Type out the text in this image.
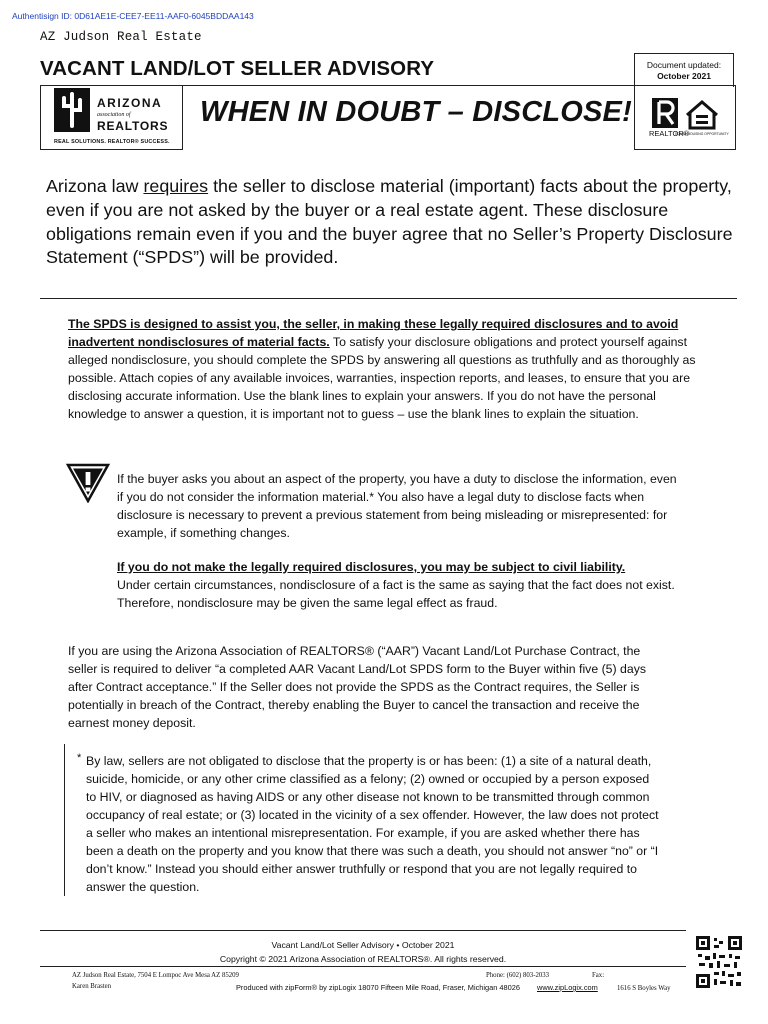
Authentisign ID: 0D61AE1E-CEE7-EE11-AAF0-6045BDDAA143
AZ Judson Real Estate
VACANT LAND/LOT SELLER ADVISORY	Document updated:
October 2021
ARIZONA
association of
REALTORS
REAL SOLUTIONS. REALTOR® SUCCESS.
WHEN IN DOUBT – DISCLOSE!
REALTOR®
EQUAL HOUSING OPPORTUNITY
Arizona law requires the seller to disclose material (important) facts about the property, even if you are not asked by the buyer or a real estate agent. These disclosure obligations remain even if you and the buyer agree that no Seller’s Property Disclosure Statement (“SPDS”) will be provided.
The SPDS is designed to assist you, the seller, in making these legally required disclosures and to avoid inadvertent nondisclosures of material facts. To satisfy your disclosure obligations and protect yourself against alleged nondisclosure, you should complete the SPDS by answering all questions as truthfully and as thoroughly as possible. Attach copies of any available invoices, warranties, inspection reports, and leases, to ensure that you are disclosing accurate information. Use the blank lines to explain your answers. If you do not have the personal knowledge to answer a question, it is important not to guess – use the blank lines to explain the situation.
If the buyer asks you about an aspect of the property, you have a duty to disclose the information, even if you do not consider the information material.* You also have a legal duty to disclose facts when disclosure is necessary to prevent a previous statement from being misleading or misrepresented: for example, if something changes.
If you do not make the legally required disclosures, you may be subject to civil liability.
Under certain circumstances, nondisclosure of a fact is the same as saying that the fact does not exist. Therefore, nondisclosure may be given the same legal effect as fraud.
If you are using the Arizona Association of REALTORS® (“AAR”) Vacant Land/Lot Purchase Contract, the seller is required to deliver “a completed AAR Vacant Land/Lot SPDS form to the Buyer within five (5) days after Contract acceptance.” If the Seller does not provide the SPDS as the Contract requires, the Seller is potentially in breach of the Contract, thereby enabling the Buyer to cancel the transaction and receive the earnest money deposit.
* By law, sellers are not obligated to disclose that the property is or has been: (1) a site of a natural death, suicide, homicide, or any other crime classified as a felony; (2) owned or occupied by a person exposed to HIV, or diagnosed as having AIDS or any other disease not known to be transmitted through common occupancy of real estate; or (3) located in the vicinity of a sex offender. However, the law does not protect a seller who makes an intentional misrepresentation. For example, if you are asked whether there has been a death on the property and you know that there was such a death, you should not answer “no” or “I don’t know.” Instead you should either answer truthfully or respond that you are not legally required to answer the question.
Vacant Land/Lot Seller Advisory • October 2021
Copyright © 2021 Arizona Association of REALTORS®. All rights reserved.
AZ Judson Real Estate, 7504 E Lompoc Ave Mesa AZ 85209	Phone: (602) 803-2033	Fax:
Karen Brasten	Produced with zipForm® by zipLogix 18070 Fifteen Mile Road, Fraser, Michigan 48026 www.zipLogix.com	1616 S Boyles Way
